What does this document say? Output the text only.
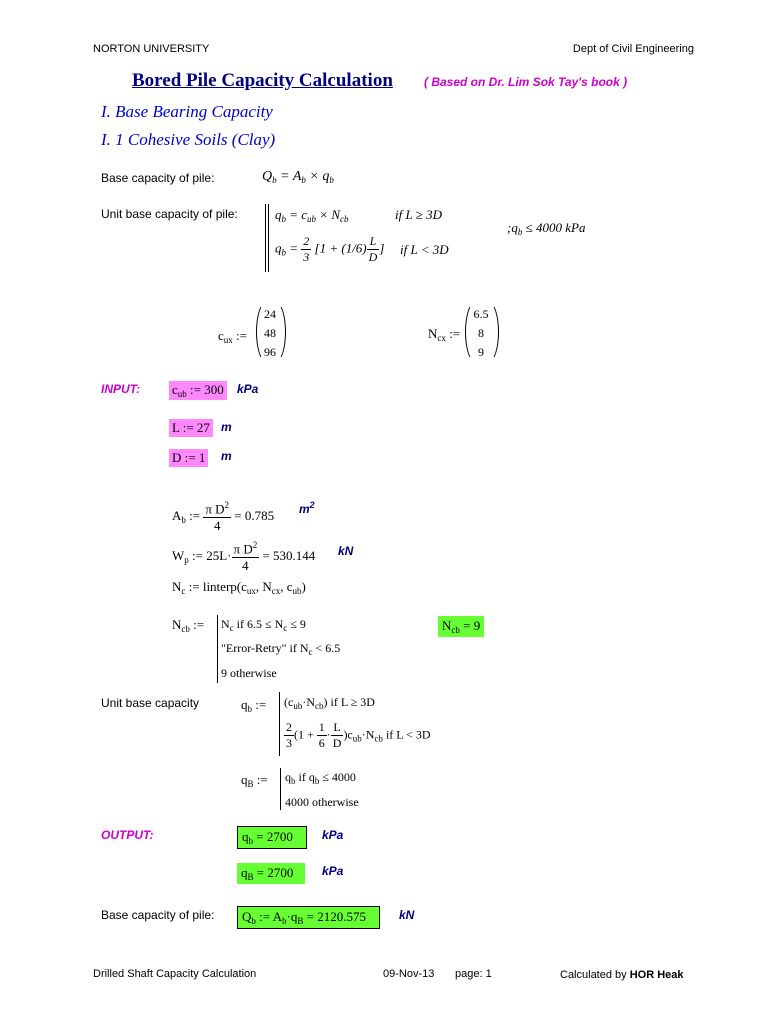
NORTON UNIVERSITY	Dept of Civil Engineering
Bored Pile Capacity Calculation	( Based on Dr. Lim Sok Tay's book )
I. Base Bearing Capacity
I. 1 Cohesive Soils (Clay)
Base capacity of pile:	$Q_b = A_b \times q_b$
Unit base capacity of pile:	$q_b = c_{ub} \times N_{cb}$	if L ≥ 3D
$q_b = \frac{2}{3} [1 + (1/6) \frac{L}{D}$ ] if L < 3D
$;q_b \le 4000$ kPa
$c_{ux}$ :=
24
48
96
$N_{cx}$ :=
6.5
8
9
INPUT: $c_{ub}$ := 300 kPa
L := 27 m
D := 1 m
$A_b$ := $\frac{\pi D^2}{4} = 0.785$ $m^2$
$W_p$ := $25L\cdot \frac{\pi D^2}{4} = 530.144$ kN
$N_c$ := $linterp(c_{ux}$, $N_{cx}$, $c_{ub}$)
$N_{cb}$ := $N_c$ if $6.5 \le N_c \le 9$
"Error-Retry" if $N_c < 6.5$
9 otherwise
$N_{cb} = 9$
Unit base capacity	$q_b$ := $(c_{ub}\cdot N_{cb})$ if L ≥ 3D
$\frac{2}{3} (1 + \frac{1}{6} \cdot \frac{L}{D} )c_{ub}\cdot N_{cb}$ if L < 3D
$q_B$ := $q_b$ if $q_b \le 4000$
4000 otherwise
OUTPUT:	$q_b = 2700$	kPa
$q_B = 2700$	kPa
Base capacity of pile:	$Q_b$ := $A_b\cdot q_B = 2120.575$	kN
Drilled Shaft Capacity Calculation	09-Nov-13 page: 1	Calculated by HOR Heak
